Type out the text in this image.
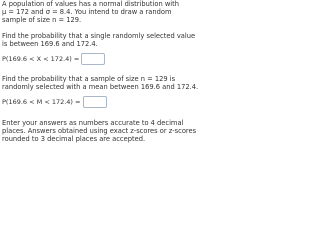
A population of values has a normal distribution with
μ = 172 and σ = 8.4. You intend to draw a random
sample of size n = 129.
Find the probability that a single randomly selected value
is between 169.6 and 172.4.
P(169.6 < X < 172.4) =
Find the probability that a sample of size n = 129 is
randomly selected with a mean between 169.6 and 172.4.
P(169.6 < M < 172.4) =
Enter your answers as numbers accurate to 4 decimal
places. Answers obtained using exact z-scores or z-scores
rounded to 3 decimal places are accepted.
